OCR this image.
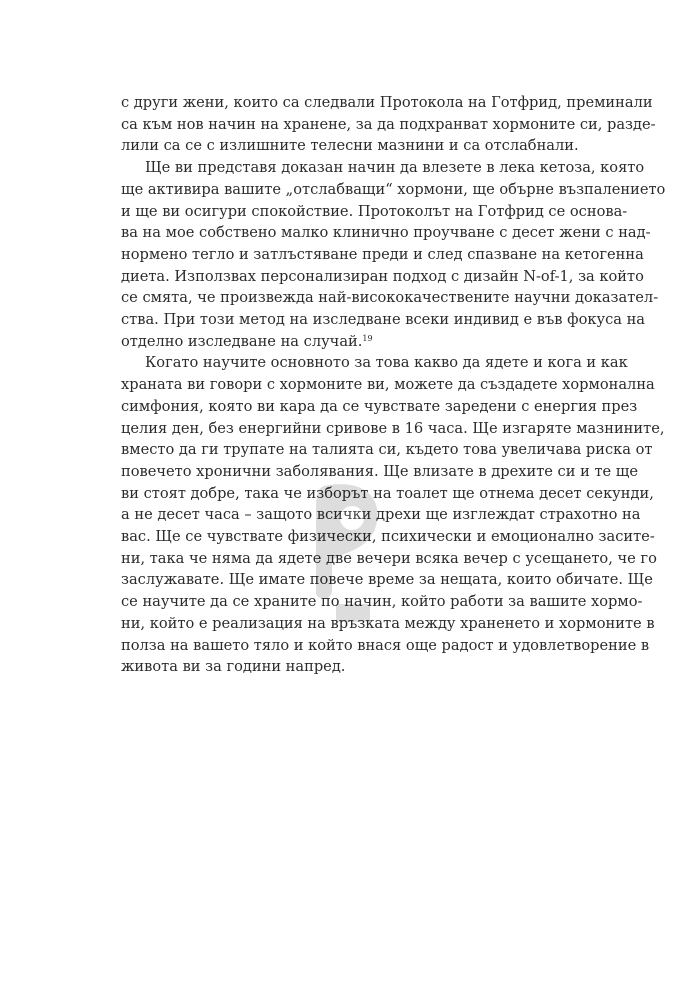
с други жени, които са следвали Протокола на Готфрид, преминали
са към нов начин на хранене, за да подхранват хормоните си, разде-
лили са се с излишните телесни мазнини и са отслабнали.
Ще ви представя доказан начин да влезете в лека кетоза, която
ще активира вашите „отслабващи“ хормони, ще обърне възпалението
и ще ви осигури спокойствие. Протоколът на Готфрид се основа-
ва на мое собствено малко клинично проучване с десет жени с над-
нормено тегло и затлъстяване преди и след спазване на кетогенна
диета. Използвах персонализиран подход с дизайн N-of-1, за който
се смята, че произвежда най-висококачествените научни доказател-
ства. При този метод на изследване всеки индивид е във фокуса на
отделно изследване на случай.$^{19}$
Когато научите основното за това какво да ядете и кога и как
храната ви говори с хормоните ви, можете да създадете хормонална
симфония, която ви кара да се чувствате заредени с енергия през
целия ден, без енергийни сривове в 16 часа. Ще изгаряте мазнините,
вместо да ги трупате на талията си, където това увеличава риска от
повечето хронични заболявания. Ще влизате в дрехите си и те ще
ви стоят добре, така че изборът на тоалет ще отнема десет секунди,
а не десет часа – защото всички дрехи ще изглеждат страхотно на
вас. Ще се чувствате физически, психически и емоционално засите-
ни, така че няма да ядете две вечери всяка вечер с усещането, че го
заслужавате. Ще имате повече време за нещата, които обичате. Ще
се научите да се храните по начин, който работи за вашите хормо-
ни, който е реализация на връзката между храненето и хормоните в
полза на вашето тяло и който внася още радост и удовлетворение в
живота ви за години напред.
